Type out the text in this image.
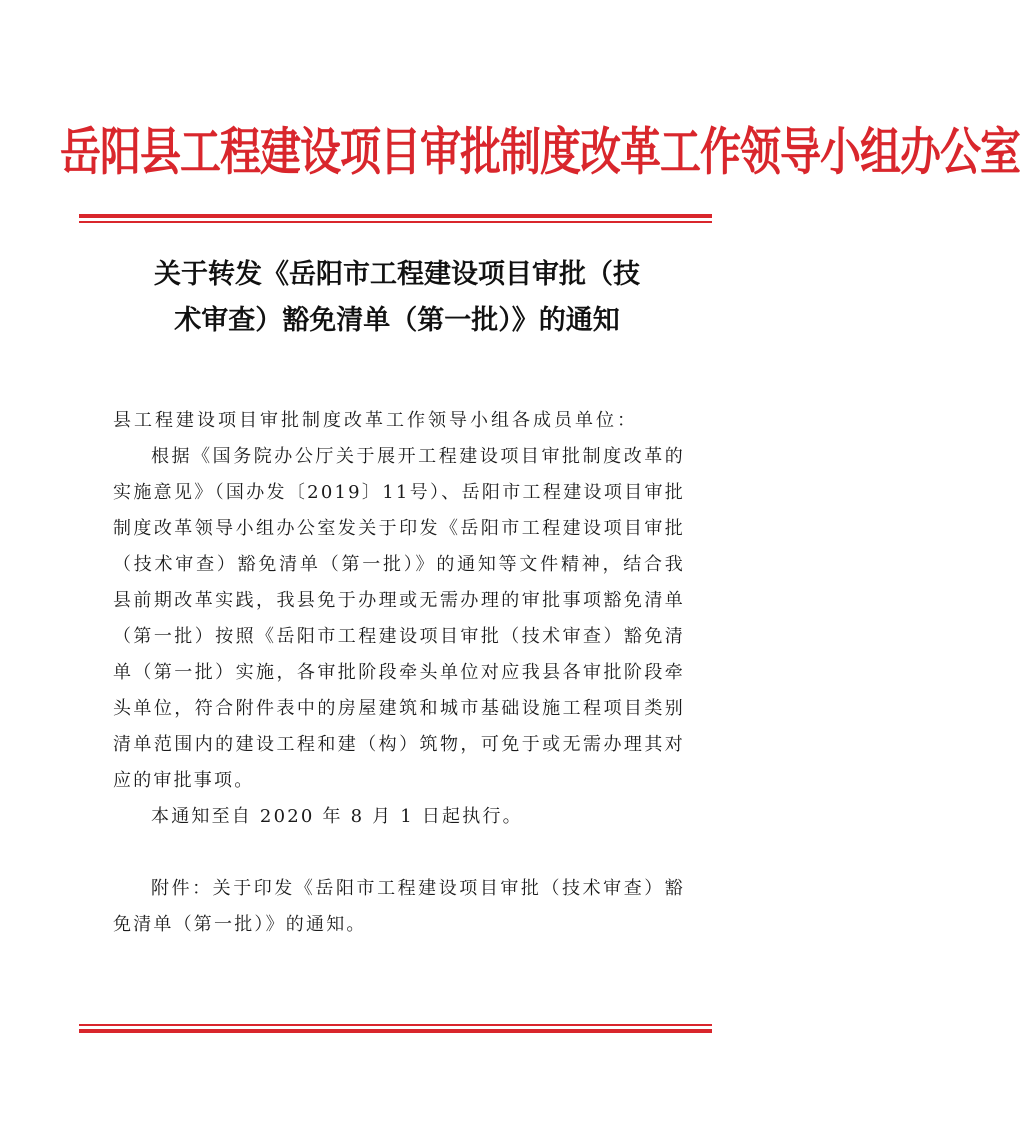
岳阳县工程建设项目审批制度改革工作领导小组办公室
关于转发《岳阳市工程建设项目审批（技
术审查）豁免清单（第一批）》的通知

县工程建设项目审批制度改革工作领导小组各成员单位：

根据《国务院办公厅关于展开工程建设项目审批制度改革的实施意见》（国办发〔2019〕11号）、岳阳市工程建设项目审批制度改革领导小组办公室发关于印发《岳阳市工程建设项目审批（技术审查）豁免清单（第一批）》的通知等文件精神，结合我县前期改革实践，我县免于办理或无需办理的审批事项豁免清单（第一批）按照《岳阳市工程建设项目审批（技术审查）豁免清单（第一批）实施，各审批阶段牵头单位对应我县各审批阶段牵头单位，符合附件表中的房屋建筑和城市基础设施工程项目类别清单范围内的建设工程和建（构）筑物，可免于或无需办理其对应的审批事项。

本通知至自 2020 年 8 月 1 日起执行。

附件：关于印发《岳阳市工程建设项目审批（技术审查）豁免清单（第一批）》的通知。
